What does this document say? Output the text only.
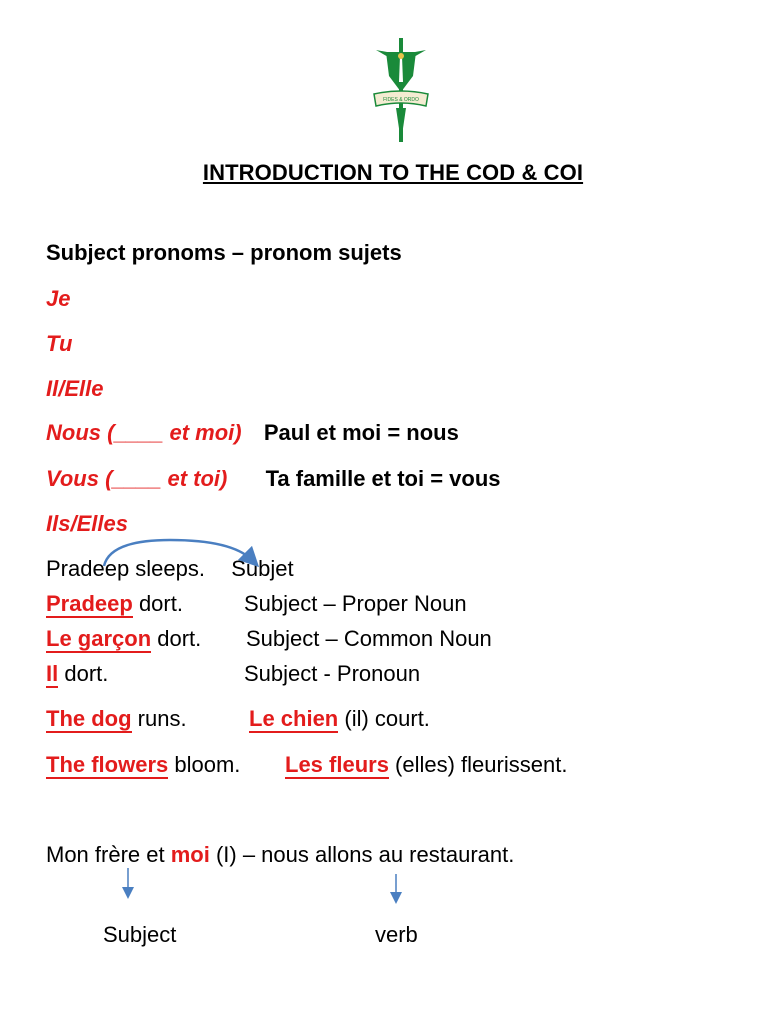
FIDES & ORDO
INTRODUCTION TO THE COD & COI
Subject pronoms – pronom sujets
Je
Tu
Il/Elle
Nous (____ et moi) Paul et moi = nous
Vous (____ et toi) Ta famille et toi = vous
Ils/Elles
Pradeep sleeps. Subjet
Pradeep dort.	Subject – Proper Noun
Le garçon dort. Subject – Common Noun
Il dort.	Subject - Pronoun
The dog runs.	Le chien (il) court.
The flowers bloom. Les fleurs (elles) fleurissent.
Mon frère et moi (I) – nous allons au restaurant.
Subject	verb
